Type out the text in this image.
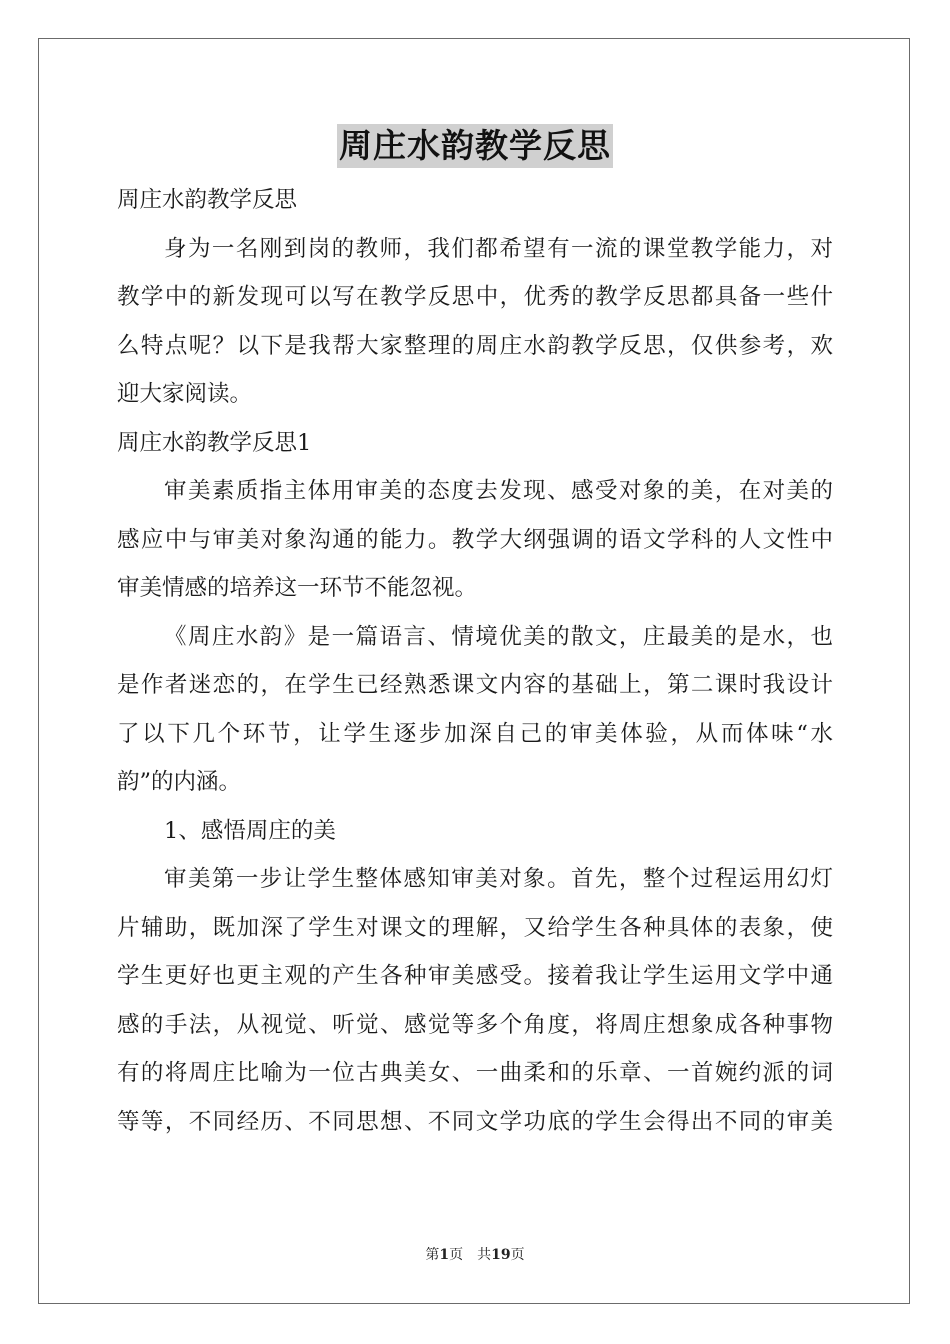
周庄水韵教学反思
周庄水韵教学反思
身为一名刚到岗的教师，我们都希望有一流的课堂教学能力，对
教学中的新发现可以写在教学反思中，优秀的教学反思都具备一些什
么特点呢？以下是我帮大家整理的周庄水韵教学反思，仅供参考，欢
迎大家阅读。
周庄水韵教学反思1
审美素质指主体用审美的态度去发现、感受对象的美，在对美的
感应中与审美对象沟通的能力。教学大纲强调的语文学科的人文性中
审美情感的培养这一环节不能忽视。
《周庄水韵》是一篇语言、情境优美的散文，庄最美的是水，也
是作者迷恋的，在学生已经熟悉课文内容的基础上，第二课时我设计
了以下几个环节，让学生逐步加深自己的审美体验，从而体味“水
韵”的内涵。
1、感悟周庄的美
审美第一步让学生整体感知审美对象。首先，整个过程运用幻灯
片辅助，既加深了学生对课文的理解，又给学生各种具体的表象，使
学生更好也更主观的产生各种审美感受。接着我让学生运用文学中通
感的手法，从视觉、听觉、感觉等多个角度，将周庄想象成各种事物
有的将周庄比喻为一位古典美女、一曲柔和的乐章、一首婉约派的词
等等，不同经历、不同思想、不同文学功底的学生会得出不同的审美
第1页　共19页
